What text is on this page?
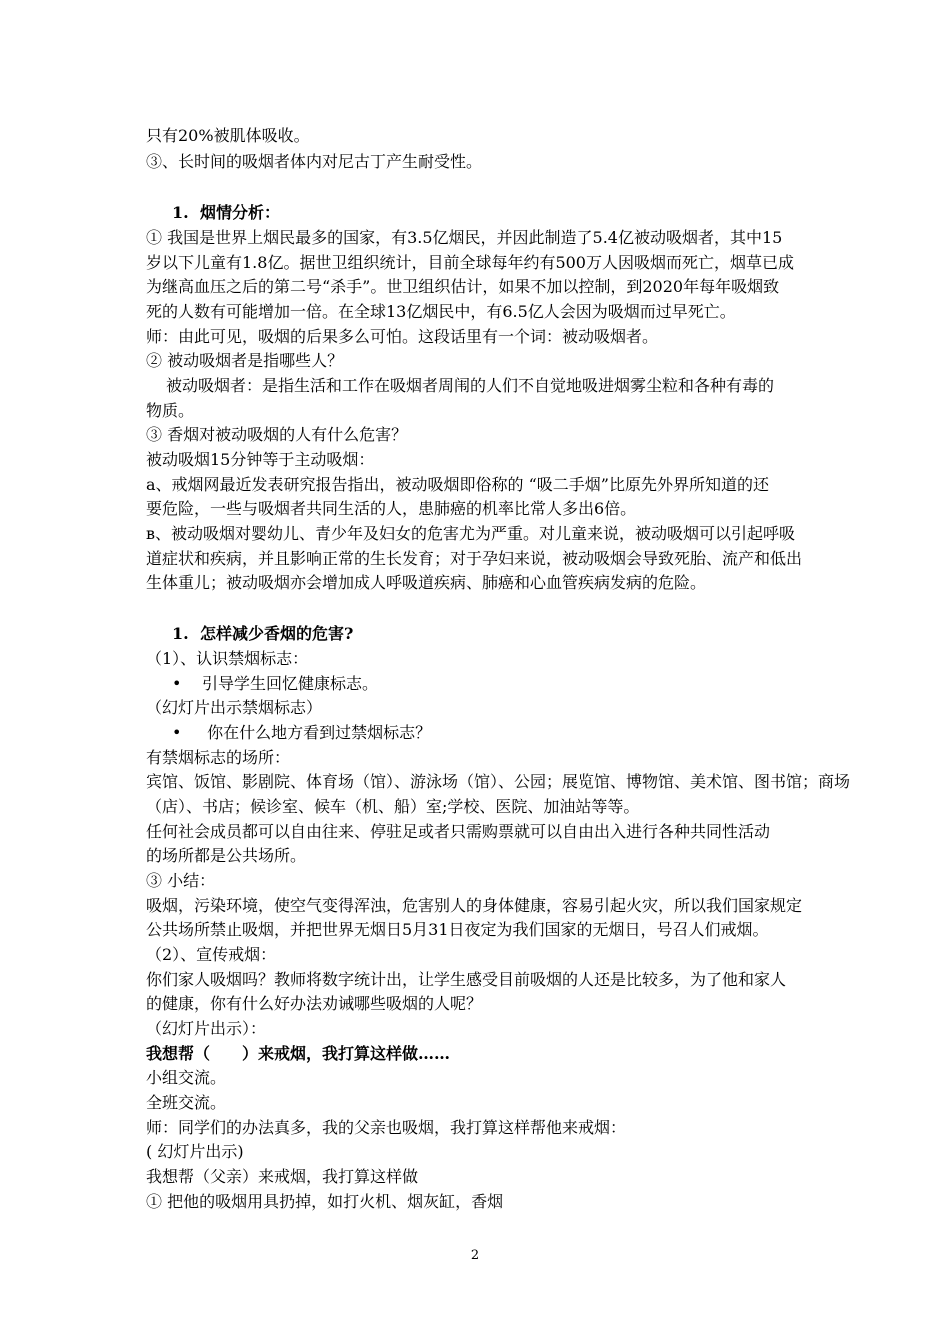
只有20%被肌体吸收。
③、长时间的吸烟者体内对尼古丁产生耐受性。
1. 烟情分析：
① 我国是世界上烟民最多的国家，有3.5亿烟民，并因此制造了5.4亿被动吸烟者，其中15
岁以下儿童有1.8亿。据世卫组织统计，目前全球每年约有500万人因吸烟而死亡，烟草已成
为继高血压之后的第二号“杀手”。世卫组织估计，如果不加以控制，到2020年每年吸烟致
死的人数有可能增加一倍。在全球13亿烟民中，有6.5亿人会因为吸烟而过早死亡。
师：由此可见，吸烟的后果多么可怕。这段话里有一个词：被动吸烟者。
② 被动吸烟者是指哪些人？
被动吸烟者：是指生活和工作在吸烟者周闱的人们不自觉地吸进烟雾尘粒和各种有毒的
物质。
③ 香烟对被动吸烟的人有什么危害？
被动吸烟15分钟等于主动吸烟：
a、戒烟网最近发表研究报告指出，被动吸烟即俗称的 “吸二手烟”比原先外界所知道的还
要危险，一些与吸烟者共同生活的人，患肺癌的机率比常人多出6倍。
в、被动吸烟对婴幼儿、青少年及妇女的危害尤为严重。对儿童来说，被动吸烟可以引起呼吸
道症状和疾病，并且影响正常的生长发育；对于孕妇来说，被动吸烟会导致死胎、流产和低出
生体重儿；被动吸烟亦会增加成人呼吸道疾病、肺癌和心血管疾病发病的危险。
1. 怎样减少香烟的危害?
（1）、认识禁烟标志：
• 引导学生回忆健康标志。
（幻灯片出示禁烟标志）
• 你在什么地方看到过禁烟标志？
有禁烟标志的场所：
宾馆、饭馆、影剧院、体育场（馆）、游泳场（馆）、公园；展览馆、博物馆、美术馆、图书馆；商场
（店）、书店；候诊室、候车（机、船）室;学校、医院、加油站等等。
任何社会成员都可以自由往来、停驻足或者只需购票就可以自由出入进行各种共同性活动
的场所都是公共场所。
③ 小结：
吸烟，污染环境，使空气变得浑浊，危害别人的身体健康，容易引起火灾，所以我们国家规定
公共场所禁止吸烟，并把世界无烟日5月31日夜定为我们国家的无烟日，号召人们戒烟。
（2）、宣传戒烟：
你们家人吸烟吗？教师将数字统计出，让学生感受目前吸烟的人还是比较多，为了他和家人
的健康，你有什么好办法劝诫哪些吸烟的人呢？
（幻灯片出示）：
我想帮（　　）来戒烟，我打算这样做……
小组交流。
全班交流。
师：同学们的办法真多，我的父亲也吸烟，我打算这样帮他来戒烟：
( 幻灯片出示)
我想帮（父亲）来戒烟，我打算这样做
① 把他的吸烟用具扔掉，如打火机、烟灰缸，香烟
2
